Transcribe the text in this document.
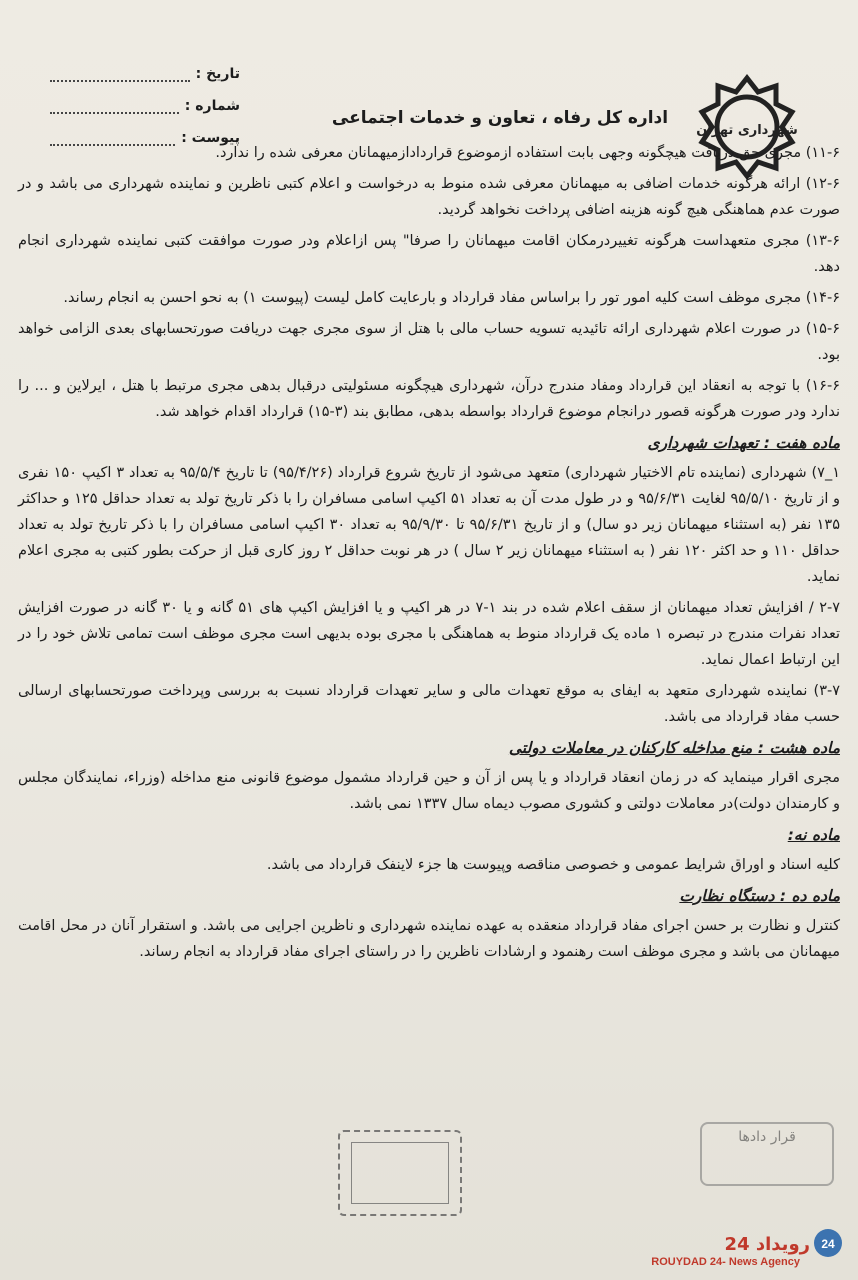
شهرداری تهران
تاریخ :
شماره :
پیوست :
اداره کل رفاه ، تعاون و خدمات اجتماعی

۱۱-۶) مجری حق دریافت هیچگونه وجهی بابت استفاده ازموضوع قراردادازمیهمانان معرفی شده را ندارد.

۱۲-۶) ارائه هرگونه خدمات اضافی به میهمانان معرفی شده منوط به درخواست و اعلام کتبی ناظرین و نماینده شهرداری می باشد و در صورت عدم هماهنگی هیچ گونه هزینه اضافی پرداخت نخواهد گردید.

۱۳-۶) مجری متعهداست هرگونه تغییردرمکان اقامت میهمانان را صرفا" پس ازاعلام ودر صورت موافقت کتبی نماینده شهرداری انجام دهد.

۱۴-۶) مجری موظف است کلیه امور تور را براساس مفاد قرارداد و بارعایت کامل لیست (پیوست ۱) به نحو احسن به انجام رساند.

۱۵-۶) در صورت اعلام شهرداری ارائه تائیدیه تسویه حساب مالی با هتل از سوی مجری جهت دریافت صورتحسابهای بعدی الزامی خواهد بود.

۱۶-۶) با توجه به انعقاد این قرارداد ومفاد مندرج درآن، شهرداری هیچگونه مسئولیتی درقبال بدهی مجری مرتبط با هتل ، ایرلاین و ... را ندارد ودر صورت هرگونه قصور درانجام موضوع قرارداد بواسطه بدهی، مطابق بند (۳-۱۵) قرارداد اقدام خواهد شد.

ماده هفت : تعهدات شهرداری

۱_۷) شهرداری (نماینده تام الاختیار شهرداری) متعهد می‌شود از تاریخ شروع قرارداد (۹۵/۴/۲۶) تا تاریخ ۹۵/۵/۴ به تعداد ۳ اکیپ ۱۵۰ نفری و از تاریخ ۹۵/۵/۱۰ لغایت ۹۵/۶/۳۱ و در طول مدت آن به تعداد ۵۱ اکیپ اسامی مسافران را با ذکر تاریخ تولد به تعداد حداقل ۱۲۵ و حداکثر ۱۳۵ نفر (به استثناء میهمانان زیر دو سال) و از تاریخ ۹۵/۶/۳۱ تا ۹۵/۹/۳۰ به تعداد ۳۰ اکیپ اسامی مسافران را با ذکر تاریخ تولد به تعداد حداقل ۱۱۰ و حد اکثر ۱۲۰ نفر ( به استثناء میهمانان زیر ۲ سال ) در هر نوبت حداقل ۲ روز کاری قبل از حرکت بطور کتبی به مجری اعلام نماید.

۲-۷ / افزایش تعداد میهمانان از سقف اعلام شده در بند ۱-۷ در هر اکیپ و یا افزایش اکیپ های ۵۱ گانه و یا ۳۰ گانه در صورت افزایش تعداد نفرات مندرج در تبصره ۱ ماده یک قرارداد منوط به هماهنگی با مجری بوده بدیهی است مجری موظف است تمامی تلاش خود را در این ارتباط اعمال نماید.

۳-۷) نماینده شهرداری متعهد به ایفای به موقع تعهدات مالی و سایر تعهدات قرارداد نسبت به بررسی وپرداخت صورتحسابهای ارسالی حسب مفاد قرارداد می باشد.

ماده هشت : منع مداخله کارکنان در معاملات دولتی

مجری اقرار مینماید که در زمان انعقاد قرارداد و یا پس از آن و حین قرارداد مشمول موضوع قانونی منع مداخله (وزراء، نمایندگان مجلس و کارمندان دولت)در معاملات دولتی و کشوری مصوب دیماه سال ۱۳۳۷ نمی باشد.

ماده نه:

کلیه اسناد و اوراق شرایط عمومی و خصوصی مناقصه وپیوست ها جزء لاینفک قرارداد می باشد.

ماده ده : دستگاه نظارت

کنترل و نظارت بر حسن اجرای مفاد قرارداد منعقده به عهده نماینده شهرداری و ناظرین اجرایی می باشد. و استقرار آنان در محل اقامت میهمانان می باشد و مجری موظف است رهنمود و ارشادات ناظرین را در راستای اجرای مفاد قرارداد به انجام رساند.

قرار دادها
24
رویداد 24
ROUYDAD 24- News Agency
